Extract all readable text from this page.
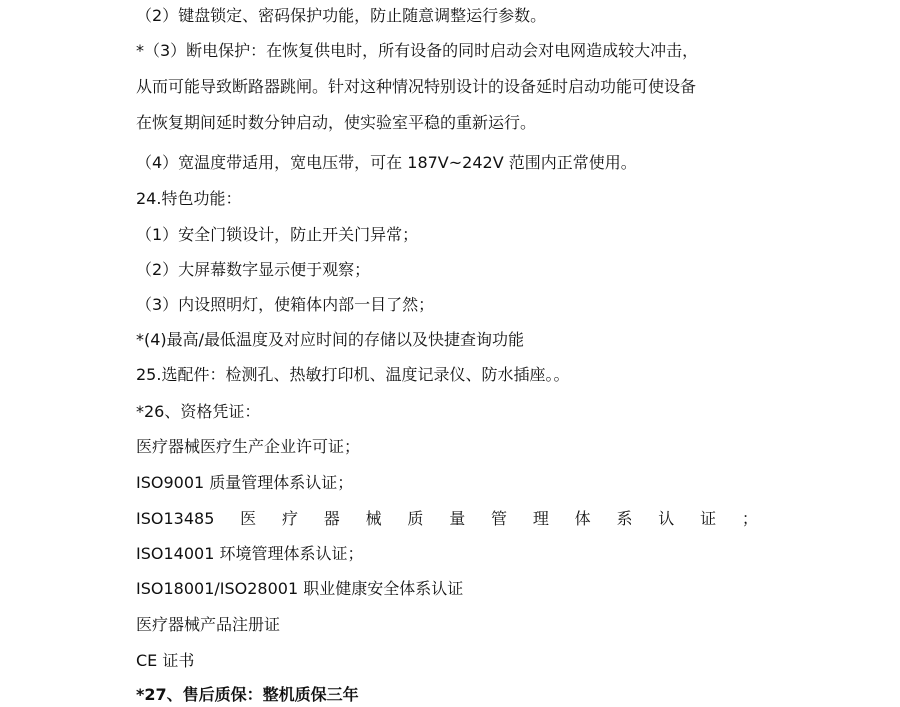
（2）键盘锁定、密码保护功能，防止随意调整运行参数。
*（3）断电保护：在恢复供电时，所有设备的同时启动会对电网造成较大冲击，
从而可能导致断路器跳闸。针对这种情况特别设计的设备延时启动功能可使设备
在恢复期间延时数分钟启动，使实验室平稳的重新运行。
（4）宽温度带适用，宽电压带，可在 187V~242V 范围内正常使用。
24.特色功能：
（1）安全门锁设计，防止开关门异常；
（2）大屏幕数字显示便于观察；
（3）内设照明灯，使箱体内部一目了然；
*(4)最高/最低温度及对应时间的存储以及快捷查询功能
25.选配件：检测孔、热敏打印机、温度记录仪、防水插座。。
*26、资格凭证：
医疗器械医疗生产企业许可证；
ISO9001 质量管理体系认证；
ISO13485 医 疗 器 械 质 量 管 理 体 系 认 证 ；
ISO14001 环境管理体系认证；
ISO18001/ISO28001 职业健康安全体系认证
医疗器械产品注册证
CE 证书
*27、售后质保：整机质保三年
